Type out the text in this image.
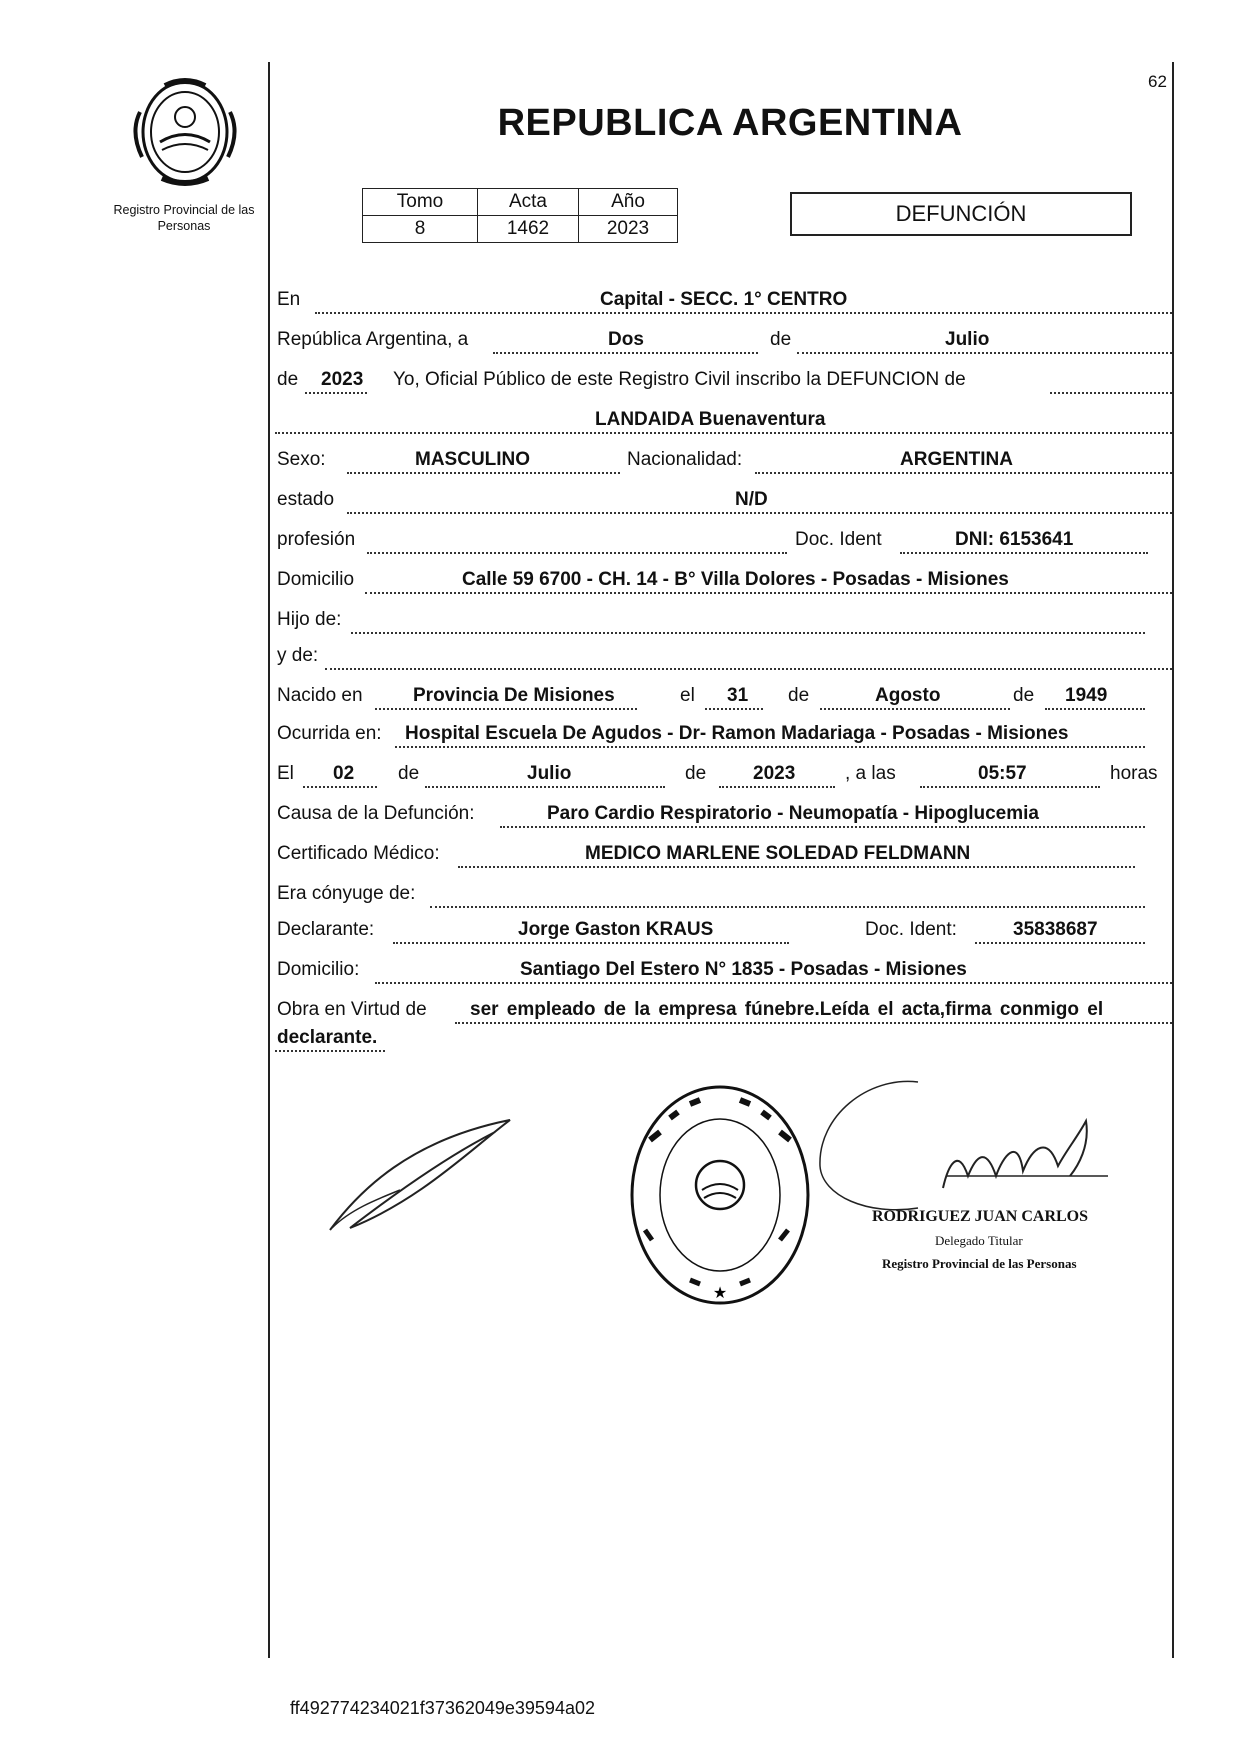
62
Registro Provincial de las Personas
REPUBLICA ARGENTINA
Tomo	Acta	Año
8	1462	2023
DEFUNCIÓN
En	Capital - SECC. 1° CENTRO
República Argentina, a	Dos	de	Julio
de 2023 Yo, Oficial Público de este Registro Civil inscribo la DEFUNCION de
LANDAIDA Buenaventura
Sexo:	MASCULINO	Nacionalidad:	ARGENTINA
estado	N/D
profesión	Doc. Ident	DNI: 6153641
Domicilio	Calle 59 6700 - CH. 14 - B° Villa Dolores - Posadas - Misiones
Hijo de:
y de:
Nacido en	Provincia De Misiones	el 31 de	Agosto	de 1949
Ocurrida en: Hospital Escuela De Agudos - Dr- Ramon Madariaga - Posadas - Misiones
El 02 de	Julio	de 2023	, a las	05:57	horas
Causa de la Defunción:	Paro Cardio Respiratorio - Neumopatía - Hipoglucemia
Certificado Médico:	MEDICO MARLENE SOLEDAD FELDMANN
Era cónyuge de:
Declarante:	Jorge Gaston KRAUS	Doc. Ident:	35838687
Domicilio:	Santiago Del Estero N° 1835 - Posadas - Misiones
Obra en Virtud de ser empleado de la empresa fúnebre.Leída el acta,firma conmigo el
declarante.
★
RODRIGUEZ JUAN CARLOS
Delegado Titular
Registro Provincial de las Personas
ff492774234021f37362049e39594a02
